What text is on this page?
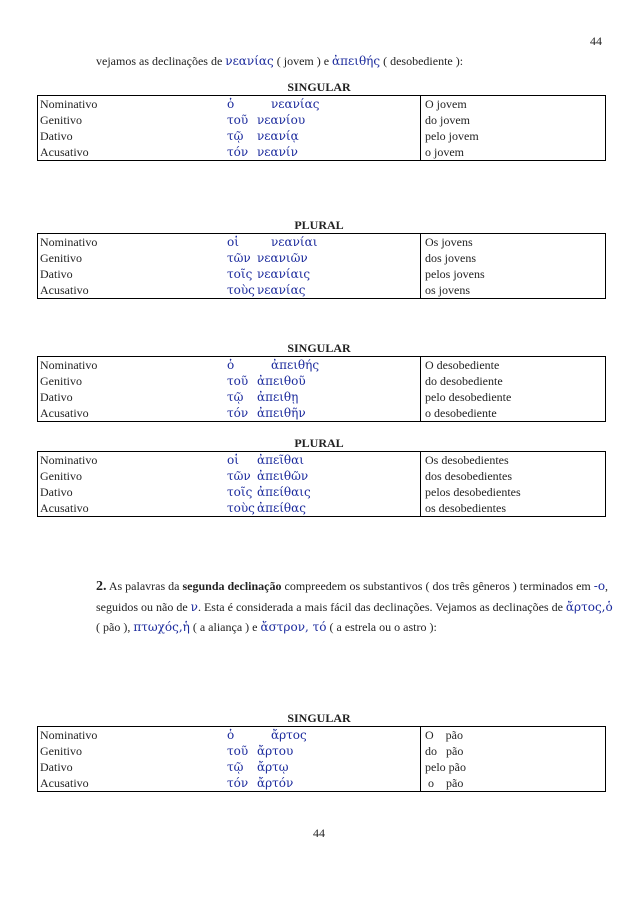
44
vejamos as declinações de νεανίας ( jovem ) e ἀπειθής ( desobediente ):
SINGULAR
Nominativo	ὁ νεανίας	O jovem
Genitivo	τοῦ νεανίου	do jovem
Dativo	τῷ νεανίᾳ	pelo jovem
Acusativo	τόν νεανίν	o jovem
PLURAL
Nominativo	οἱ νεανίαι	Os jovens
Genitivo	τῶν νεανιῶν	dos jovens
Dativo	τοῖς νεανίαις	pelos jovens
Acusativo	τοὺς νεανίας	os jovens
SINGULAR
Nominativo	ὁ ἀπειθής	O desobediente
Genitivo	τοῦ ἀπειθοῦ	do desobediente
Dativo	τῷ ἀπειθῃ	pelo desobediente
Acusativo	τόν ἀπειθῆν	o desobediente
PLURAL
Nominativo	οἱ ἀπεῖθαι	Os desobedientes
Genitivo	τῶν ἀπειθῶν	dos desobedientes
Dativo	τοῖς ἀπείθαις	pelos desobedientes
Acusativo	τοὺς ἀπείθας	os desobedientes
2. As palavras da segunda declinação compreedem os substantivos ( dos três gêneros ) terminados em -ο, seguidos ou não de ν. Esta é considerada a mais fácil das declinações. Vejamos as declinações de ἄρτος,ὁ ( pão ), πτωχός,ἡ ( a aliança ) e ἄστρον, τό ( a estrela ou o astro ):
SINGULAR
Nominativo	ὁ ἄρτος	O    pão
Genitivo	τοῦ ἄρτου	do   pão
Dativo	τῷ ἄρτῳ	pelo pão
Acusativo	τόν ἄρτόν	o    pão
44
